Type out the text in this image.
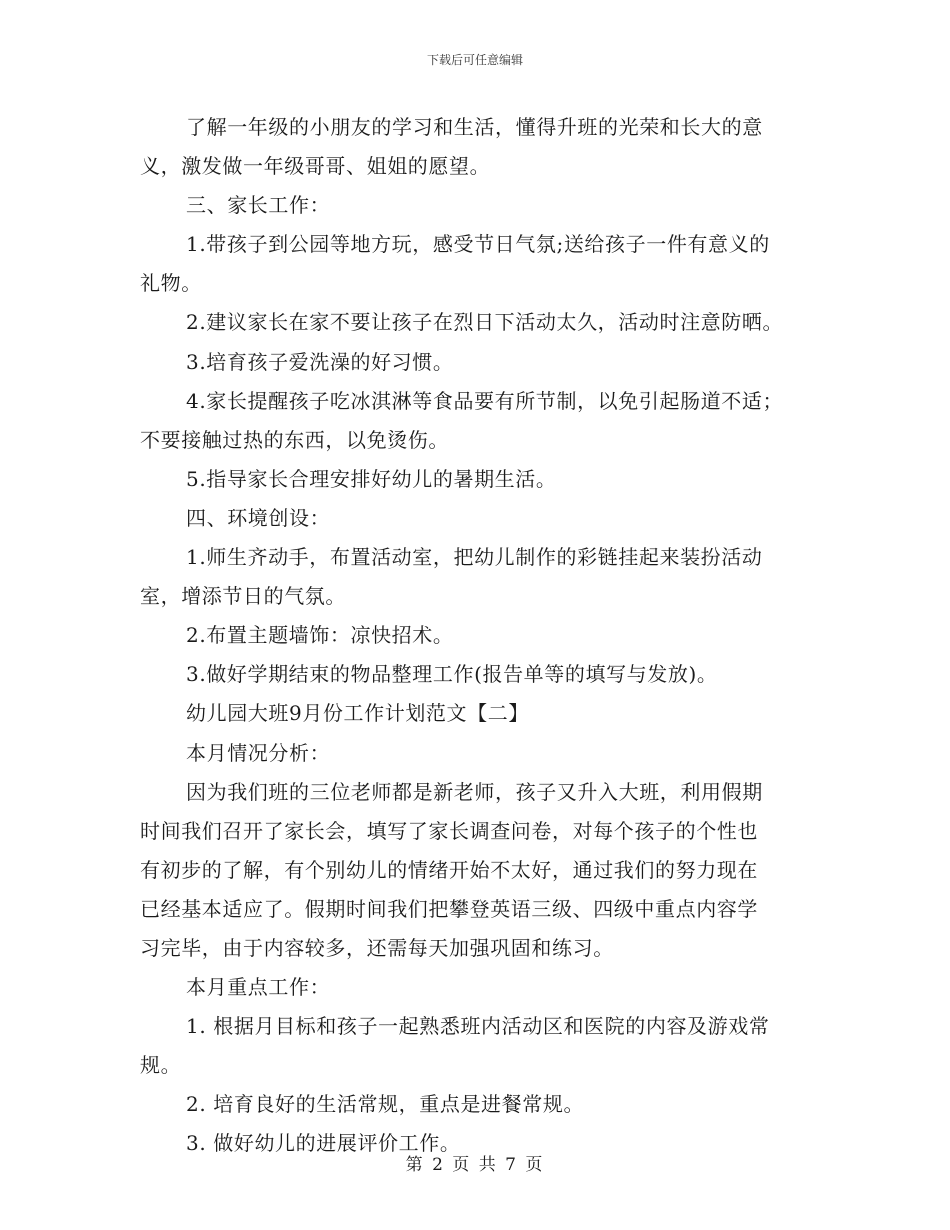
下载后可任意编辑
了解一年级的小朋友的学习和生活，懂得升班的光荣和长大的意
义，激发做一年级哥哥、姐姐的愿望。
三、家长工作：
1.带孩子到公园等地方玩，感受节日气氛;送给孩子一件有意义的
礼物。
2.建议家长在家不要让孩子在烈日下活动太久，活动时注意防晒。
3.培育孩子爱洗澡的好习惯。
4.家长提醒孩子吃冰淇淋等食品要有所节制，以免引起肠道不适；
不要接触过热的东西，以免烫伤。
5.指导家长合理安排好幼儿的暑期生活。
四、环境创设：
1.师生齐动手，布置活动室，把幼儿制作的彩链挂起来装扮活动
室，增添节日的气氛。
2.布置主题墙饰：凉快招术。
3.做好学期结束的物品整理工作(报告单等的填写与发放)。
幼儿园大班9月份工作计划范文【二】
本月情况分析：
因为我们班的三位老师都是新老师，孩子又升入大班，利用假期
时间我们召开了家长会，填写了家长调查问卷，对每个孩子的个性也
有初步的了解，有个别幼儿的情绪开始不太好，通过我们的努力现在
已经基本适应了。假期时间我们把攀登英语三级、四级中重点内容学
习完毕，由于内容较多，还需每天加强巩固和练习。
本月重点工作：
1. 根据月目标和孩子一起熟悉班内活动区和医院的内容及游戏常
规。
2. 培育良好的生活常规，重点是进餐常规。
3. 做好幼儿的进展评价工作。
第 2 页 共 7 页
